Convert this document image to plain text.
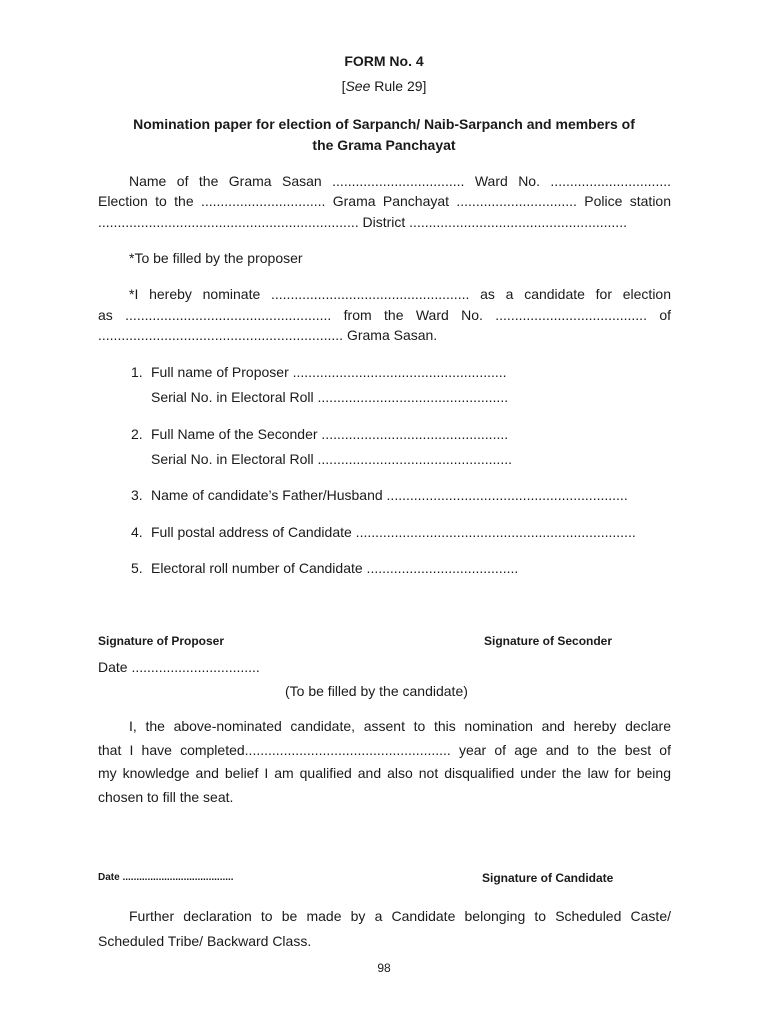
FORM No. 4
[See Rule 29]
Nomination paper for election of Sarpanch/ Naib-Sarpanch and members of
the Grama Panchayat
Name of the Grama Sasan .................................. Ward No. ...............................
Election to the ................................ Grama Panchayat ............................... Police station
................................................................... District ........................................................
*To be filled by the proposer
*I hereby nominate ................................................... as a candidate for election
as ..................................................... from the Ward No. ....................................... of
............................................................... Grama Sasan.
1. Full name of Proposer .......................................................
Serial No. in Electoral Roll .................................................
2. Full Name of the Seconder ................................................
Serial No. in Electoral Roll ..................................................
3. Name of candidate’s Father/Husband ..............................................................
4. Full postal address of Candidate ........................................................................
5. Electoral roll number of Candidate .......................................
Signature of Proposer	Signature of Seconder
Date .................................
(To be filled by the candidate)
I, the above-nominated candidate, assent to this nomination and hereby declare
that I have completed..................................................... year of age and to the best of
my knowledge and belief I am qualified and also not disqualified under the law for being
chosen to fill the seat.
Date ........................................	Signature of Candidate
Further declaration to be made by a Candidate belonging to Scheduled Caste/
Scheduled Tribe/ Backward Class.
98
